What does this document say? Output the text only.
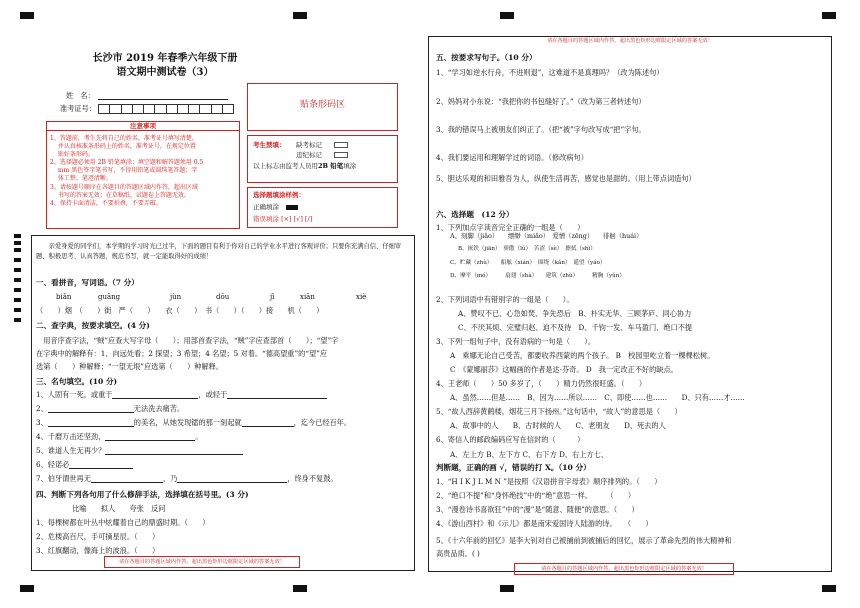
长沙市 2019 年春季六年级下册
语文期中测试卷（3）
姓　名：
准考证号：
注意事项
1、答题前，考生先将自己的姓名，准考证号填写清楚，
　 并认真核准条形码上的姓名，准考证号，在规定位置
　 贴好条形码。
2、选择题必须用 2B 铅笔填涂；填空题和解答题须用 0.5
　 mm 黑色签字笔书写，不得用铅笔或圆珠笔答题；字
　 体工整、笔迹清晰。
3、请按题号顺序在各题目的答题区域内作答，超出区域
　 书写的答案无效；在草稿纸、试题卷上答题无效。
4、保持卡面清洁，不要折叠，不要弄破。
贴条形码区
考生禁填： 缺考标记
违纪标记
以上标志由监考人员用2B 铅笔填涂
选择题填涂样例：
正确填涂
错误填涂 [×] [√] [/]
　　亲爱身爱的同学们，本学期的学习时光已过半，下面的题目有利于你对自己的学业水平进行客观评价；只要你充满自信、仔细审题、积极思考、认真答题，规范书写，就一定能取得好的成绩！
一、看拼音，写词语。（7 分）
biǎn	guāng	jùn	dōu	jī	xiān	xiè
（　　）烟　（　　）街　严（　　）　　衣（　　）　书（　　）（　　）接　　机（　　）
二、查字典，按要求填空。(4 分)
　用音序查字法，“贼”应查大写字母（　　）；用部首查字法，“贼”字应查部首（　　）；“望”字
在字典中的解释有：1、向远处看；2 探望；3 希望；4 名望；5 对着。“德高望重”的“望”应
选第（　　）种解释；“一望无垠”应选第（　　）种解释。
三、名句填空。(10 分)
1、人固有一死，或重于	，或轻于
2、	无法洗去痛苦。
3、	的美名，从她发现镭的那一刻起就	，迄今已经百年。
4、千磨万击还坚劲，	。
5、谁道人生无再少？
6、轻诺必
7、伯牙谓世再无	，乃	，终身不复鼓。
四、判断下列各句用了什么修辞手法，选择填在括号里。(3 分)
比喻　　拟人　　夸张　反问
1、每棵树都在叶丛中炫耀着自己的鼎盛时期。（　　）
2、危楼高百尺，手可摘星辰。（　　）
3、红旗翻动，像海上的波浪。（　　）
请在各题目的答题区域内作答，超出黑色矩形边框限定区域的答案无效！
请在各题目的答题区域内作答，超出黑色矩形边框限定区域的答案无效！
五、按要求写句子。（10 分）
1、“学习如逆水行舟，不进则退”，这难道不是真理吗？（改为陈述句）
2、妈妈对小东说：“我把你的书包缝好了。”（改为第三者转述句）
3、我的错误马上被朋友们纠正了。（把“被”字句改写成“把”字句。
4、我们要运用和理解学过的词语。（修改病句）
5、胆达乐观的和田雅吾为人，纵使生活再苦，感觉也是甜的。（用上带点词造句）
六、选择题　(12 分）
1、下列加点字读音完全正确的一组是（　　）
A、刻脚（jiǎo）　　缥缈（miǎo）　爱憎（zēng）　　徘徊（huái）
B、嵌铁（jiān）　骄傲（lù）　苦涩（sè）　擦拭（shì）
C、贮藏（zhù）　　船舷（xián）　围绕（kǎn）　遥望（yáo）
D、摩平（mó）　　　扇翅（shà）　　建筑（zhù）　　　精胸（yǔn）
2、下列词语中有错别字的一组是（　　）。
A、赞叹不已、心急如焚、争先恐后　B、朴实无华、三顾茅庐、同心协力
C、不厌其烦、完璧归赵、迫不及待　D、千钧一发、车马盈门、绝口不提
3、下列一组句子中，没有语病的一句是（　　）。
A　乘娜无论自己受苦，都要收养西蒙的两个孩子。 B　校园里屹立着一棵棵松树。
C　《蒙娜丽莎》这幅画的作者是达·芬奇。 D　我一定改正不好的缺点。
4、王老师（　　）50 多岁了，（　　）精力仍然很旺盛。（　　）
A、虽然……但是……　B、因为……所以……　C、即使……也……　　D、只有……才……
5、“故人西辞黄鹤楼，烟花三月下扬州。”这句话中，“故人”的意思是（　　）
A、故事中的人　　B、古时候的人　　C、老朋友　　D、死去的人
6、寄信人的邮政编码应写在信封的（　　　）
A、左上方 B、左下方 C、右下方 D、右上方七、
判断题，正确的画 √，错误的打 X。（10 分）
1、“H I K J L M N ”是按照《汉语拼音字母表》顺序排列的。（　　）
2、“绝口不提”和“身怀绝技”中的“绝”意思一样。　　　（　　）
3、“漫卷诗书喜欲狂”中的“漫”是“随意、随便”的意思。（　　）
4、《游山西村》和《示儿》都是南宋爱国诗人陆游的诗。　　（　　）
5、《十六年前的回忆》是李大钊对自己被捕前到被捕后的回忆，展示了革命先烈的伟大精神和
高贵品质。( )
请在各题目的答题区域内作答，超出黑色矩形边框限定区域的答案无效！
